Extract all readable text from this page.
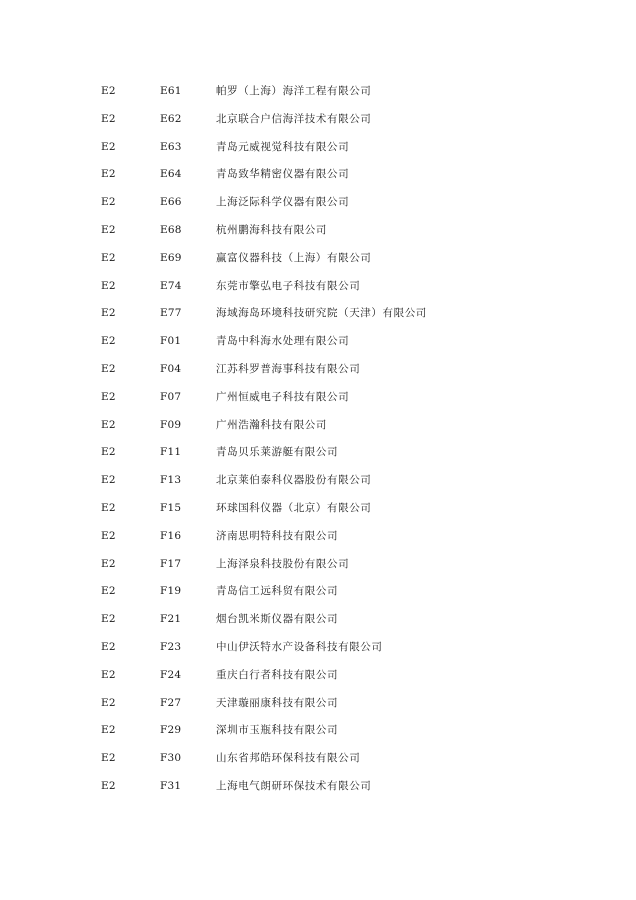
E2	E61	帕罗（上海）海洋工程有限公司
E2	E62	北京联合户信海洋技术有限公司
E2	E63	青岛元威视觉科技有限公司
E2	E64	青岛致华精密仪器有限公司
E2	E66	上海泛际科学仪器有限公司
E2	E68	杭州鹏海科技有限公司
E2	E69	赢富仪器科技（上海）有限公司
E2	E74	东莞市擎弘电子科技有限公司
E2	E77	海域海岛环境科技研究院（天津）有限公司
E2	F01	青岛中科海水处理有限公司
E2	F04	江苏科罗普海事科技有限公司
E2	F07	广州恒威电子科技有限公司
E2	F09	广州浩瀚科技有限公司
E2	F11	青岛贝乐莱游艇有限公司
E2	F13	北京莱伯泰科仪器股份有限公司
E2	F15	环球国科仪器（北京）有限公司
E2	F16	济南思明特科技有限公司
E2	F17	上海泽泉科技股份有限公司
E2	F19	青岛信工远科贸有限公司
E2	F21	烟台凯米斯仪器有限公司
E2	F23	中山伊沃特水产设备科技有限公司
E2	F24	重庆白行者科技有限公司
E2	F27	天津璇丽康科技有限公司
E2	F29	深圳市玉瓶科技有限公司
E2	F30	山东省邦皓环保科技有限公司
E2	F31	上海电气朗研环保技术有限公司
